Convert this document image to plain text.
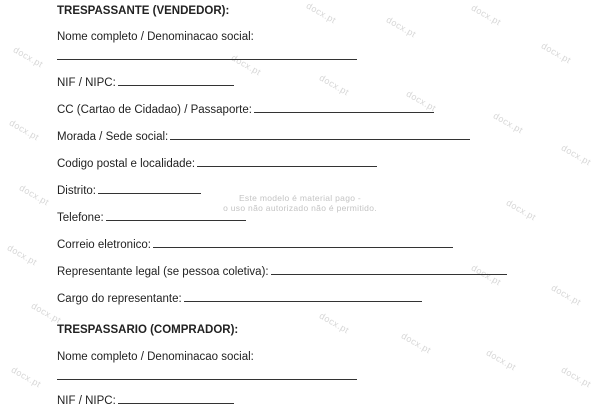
docx.pt
docx.pt	docx.pt
docx.pt
docx.pt	docx.pt
docx.pt
docx.pt
docx.pt
docx.pt
docx.pt
docx.pt
docx.pt
docx.pt
docx.pt
docx.pt
docx.pt	docx.pt
docx.pt
docx.pt
docx.pt	docx.pt
Este modelo é material pago -
o uso não autorizado não é permitido.
TRESPASSANTE (VENDEDOR):
Nome completo / Denominacao social:
NIF / NIPC:
CC (Cartao de Cidadao) / Passaporte:
Morada / Sede social:
Codigo postal e localidade:
Distrito:
Telefone:
Correio eletronico:
Representante legal (se pessoa coletiva):
Cargo do representante:
TRESPASSARIO (COMPRADOR):
Nome completo / Denominacao social:
NIF / NIPC:
